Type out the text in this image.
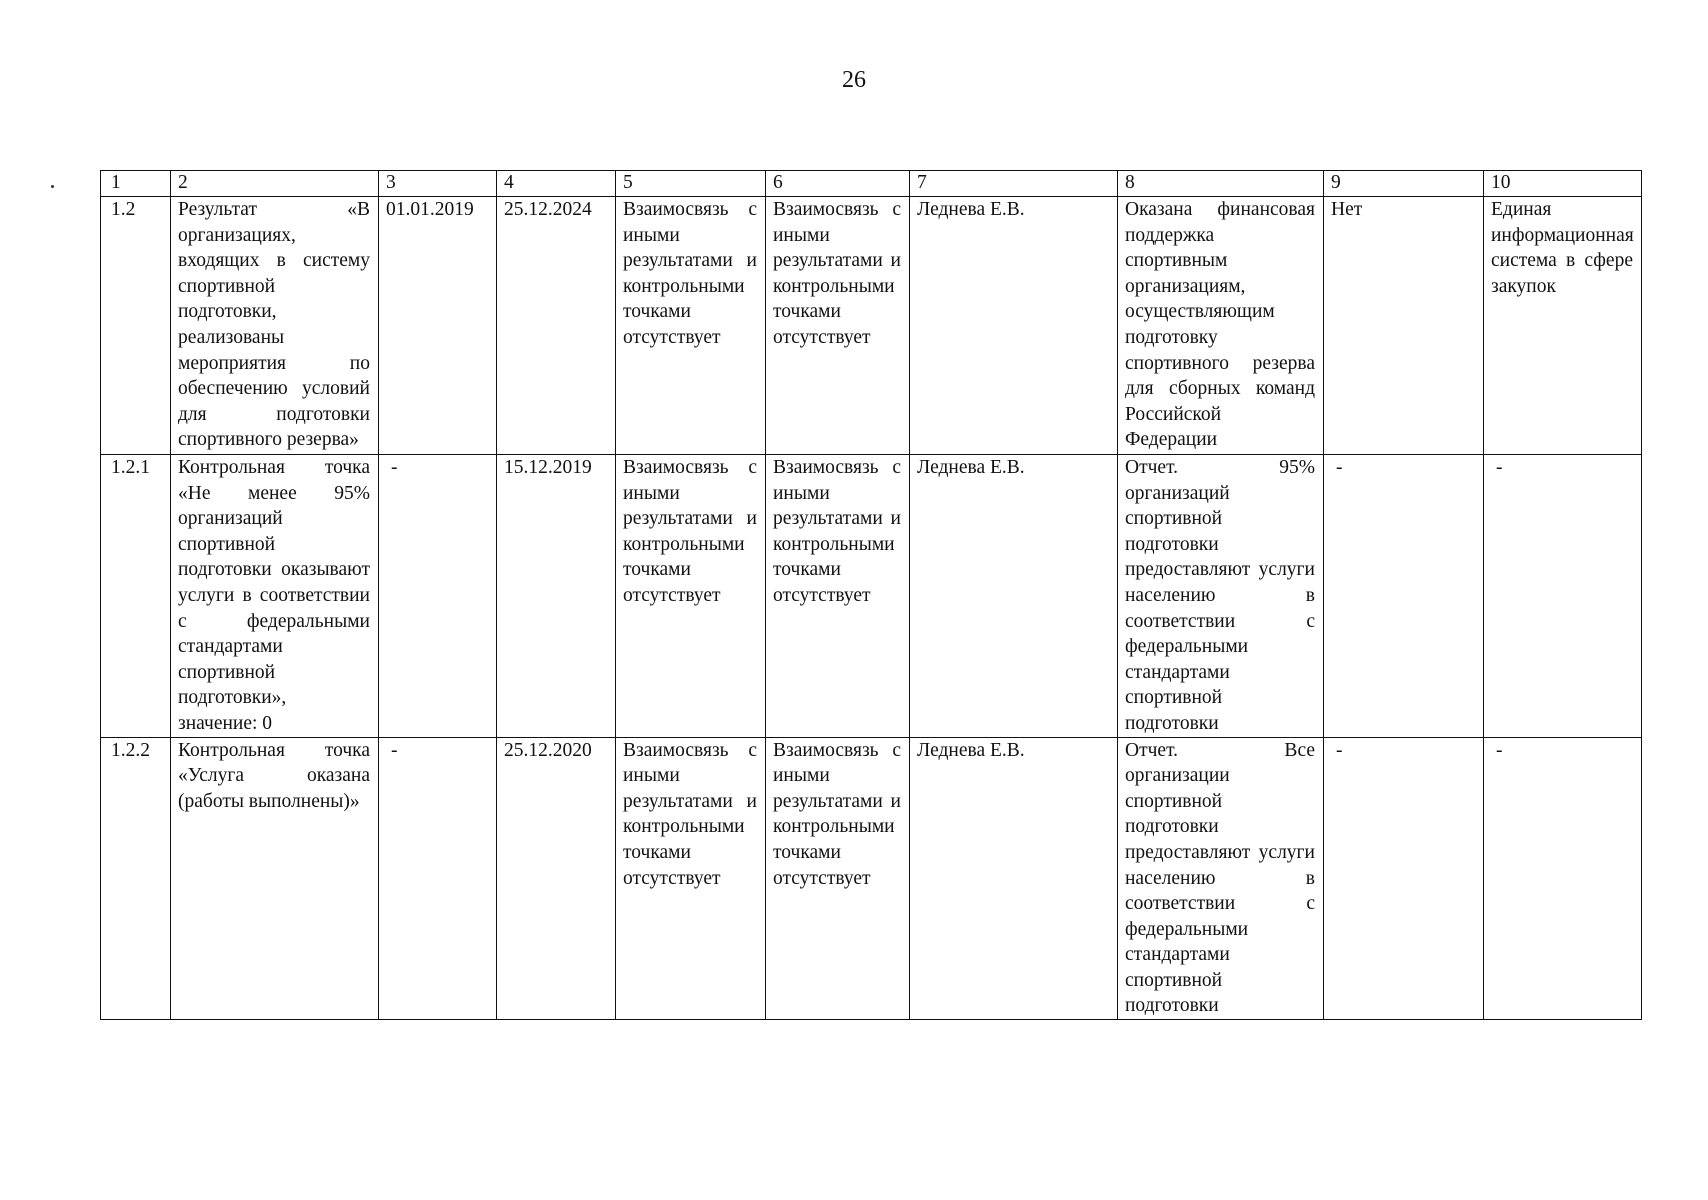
26
1	2	3	4	5	6	7	8	9	10
1.2	Результат «В организациях, входящих в систему спортивной подготовки, реализованы мероприятия по обеспечению условий для подготовки спортивного резерва»	01.01.2019	25.12.2024	Взаимосвязь с иными результатами и контрольными точками отсутствует	Взаимосвязь с иными результатами и контрольными точками отсутствует	Леднева Е.В.	Оказана финансовая поддержка спортивным организациям, осуществляющим подготовку спортивного резерва для сборных команд Российской Федерации	Нет	Единая информационная система в сфере закупок
1.2.1	Контрольная точка «Не менее 95% организаций спортивной подготовки оказывают услуги в соответствии с федеральными стандартами спортивной подготовки», значение: 0	-	15.12.2019	Взаимосвязь с иными результатами и контрольными точками отсутствует	Взаимосвязь с иными результатами и контрольными точками отсутствует	Леднева Е.В.	Отчет. 95% организаций спортивной подготовки предоставляют услуги населению в соответствии с федеральными стандартами спортивной подготовки	-	-
1.2.2	Контрольная точка «Услуга оказана (работы выполнены)»	-	25.12.2020	Взаимосвязь с иными результатами и контрольными точками отсутствует	Взаимосвязь с иными результатами и контрольными точками отсутствует	Леднева Е.В.	Отчет. Все организации спортивной подготовки предоставляют услуги населению в соответствии с федеральными стандартами спортивной подготовки	-	-
